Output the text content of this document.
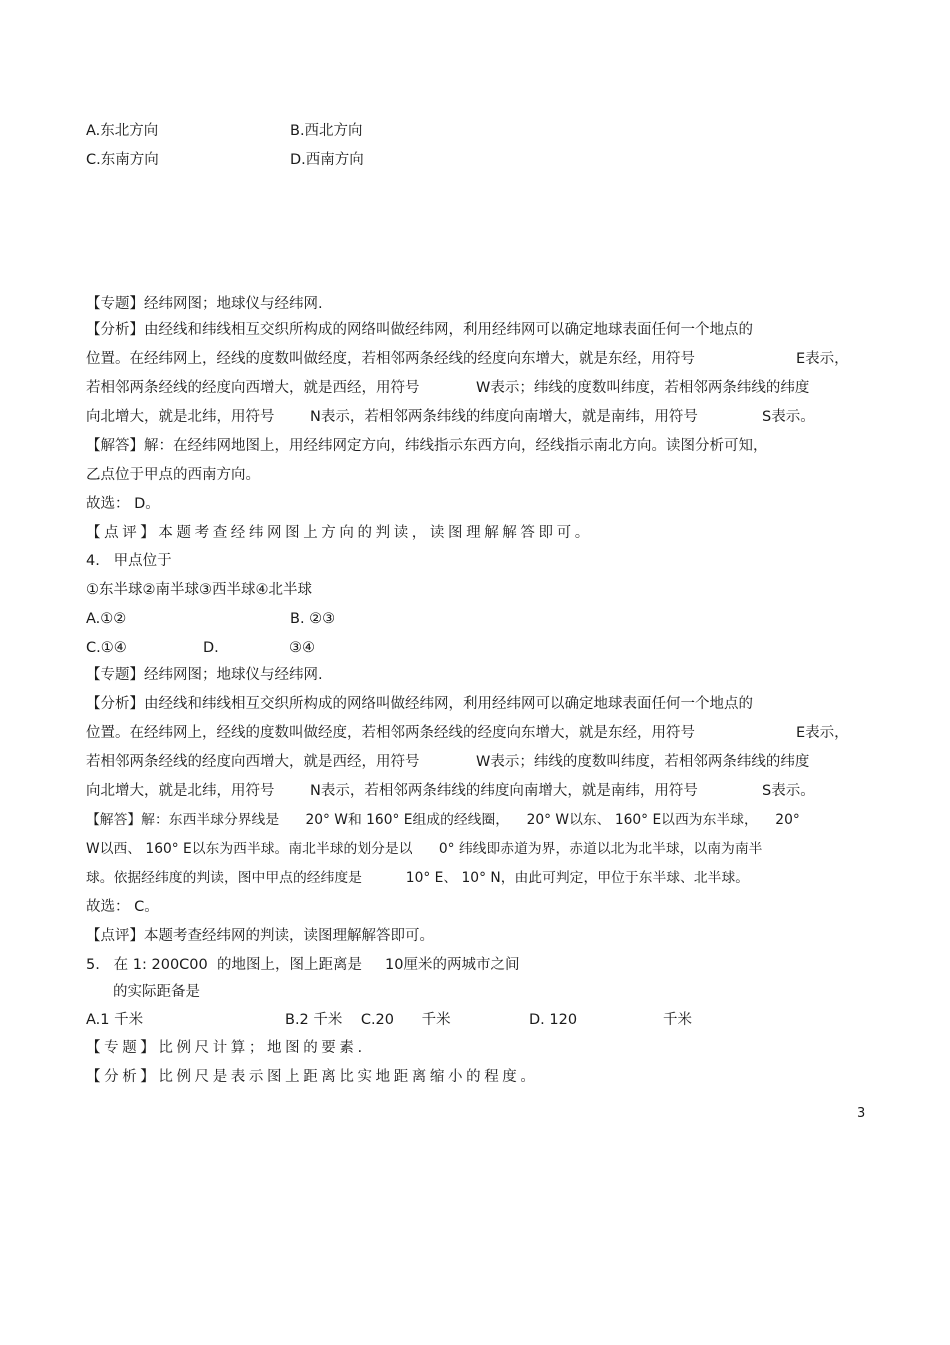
A.东北方向	B.西北方向
C.东南方向	D.西南方向
【专题】经纬网图；地球仪与经纬网.
【分析】由经线和纬线相互交织所构成的网络叫做经纬网，利用经纬网可以确定地球表面任何一个地点的
位置。在经纬网上，经线的度数叫做经度，若相邻两条经线的经度向东增大，就是东经，用符号	E表示，
若相邻两条经线的经度向西增大，就是西经，用符号	W表示；纬线的度数叫纬度，若相邻两条纬线的纬度
向北增大，就是北纬，用符号 N表示，若相邻两条纬线的纬度向南增大，就是南纬，用符号	S表示。
【解答】解：在经纬网地图上，用经纬网定方向，纬线指示东西方向，经线指示南北方向。读图分析可知，
乙点位于甲点的西南方向。
故选： D。
【点评】本题考查经纬网图上方向的判读，读图理解解答即可。
4.   甲点位于
①东半球②南半球③西半球④北半球
A.①②	B. ②③
C.①④	D.	③④
【专题】经纬网图；地球仪与经纬网.
【分析】由经线和纬线相互交织所构成的网络叫做经纬网，利用经纬网可以确定地球表面任何一个地点的
位置。在经纬网上，经线的度数叫做经度，若相邻两条经线的经度向东增大，就是东经，用符号	E表示，
若相邻两条经线的经度向西增大，就是西经，用符号	W表示；纬线的度数叫纬度，若相邻两条纬线的纬度
向北增大，就是北纬，用符号 N表示，若相邻两条纬线的纬度向南增大，就是南纬，用符号	S表示。
【解答】解：东西半球分界线是      20° W和 160° E组成的经线圈，    20° W以东、 160° E以西为东半球，    20°
W以西、 160° E以东为西半球。南北半球的划分是以      0° 纬线即赤道为界，赤道以北为北半球，以南为南半
球。依据经纬度的判读，图中甲点的经纬度是          10° E、 10° N，由此可判定，甲位于东半球、北半球。
故选： C。
【点评】本题考查经纬网的判读，读图理解解答即可。
5.   在 1: 200C00  的地图上，图上距离是     10厘米的两城市之间
的实际距备是
A.1 千米	B.2 千米    C.20      千米	D. 120	千米
【专题】比例尺计算；地图的要素.
【分析】比例尺是表示图上距离比实地距离缩小的程度。
3
